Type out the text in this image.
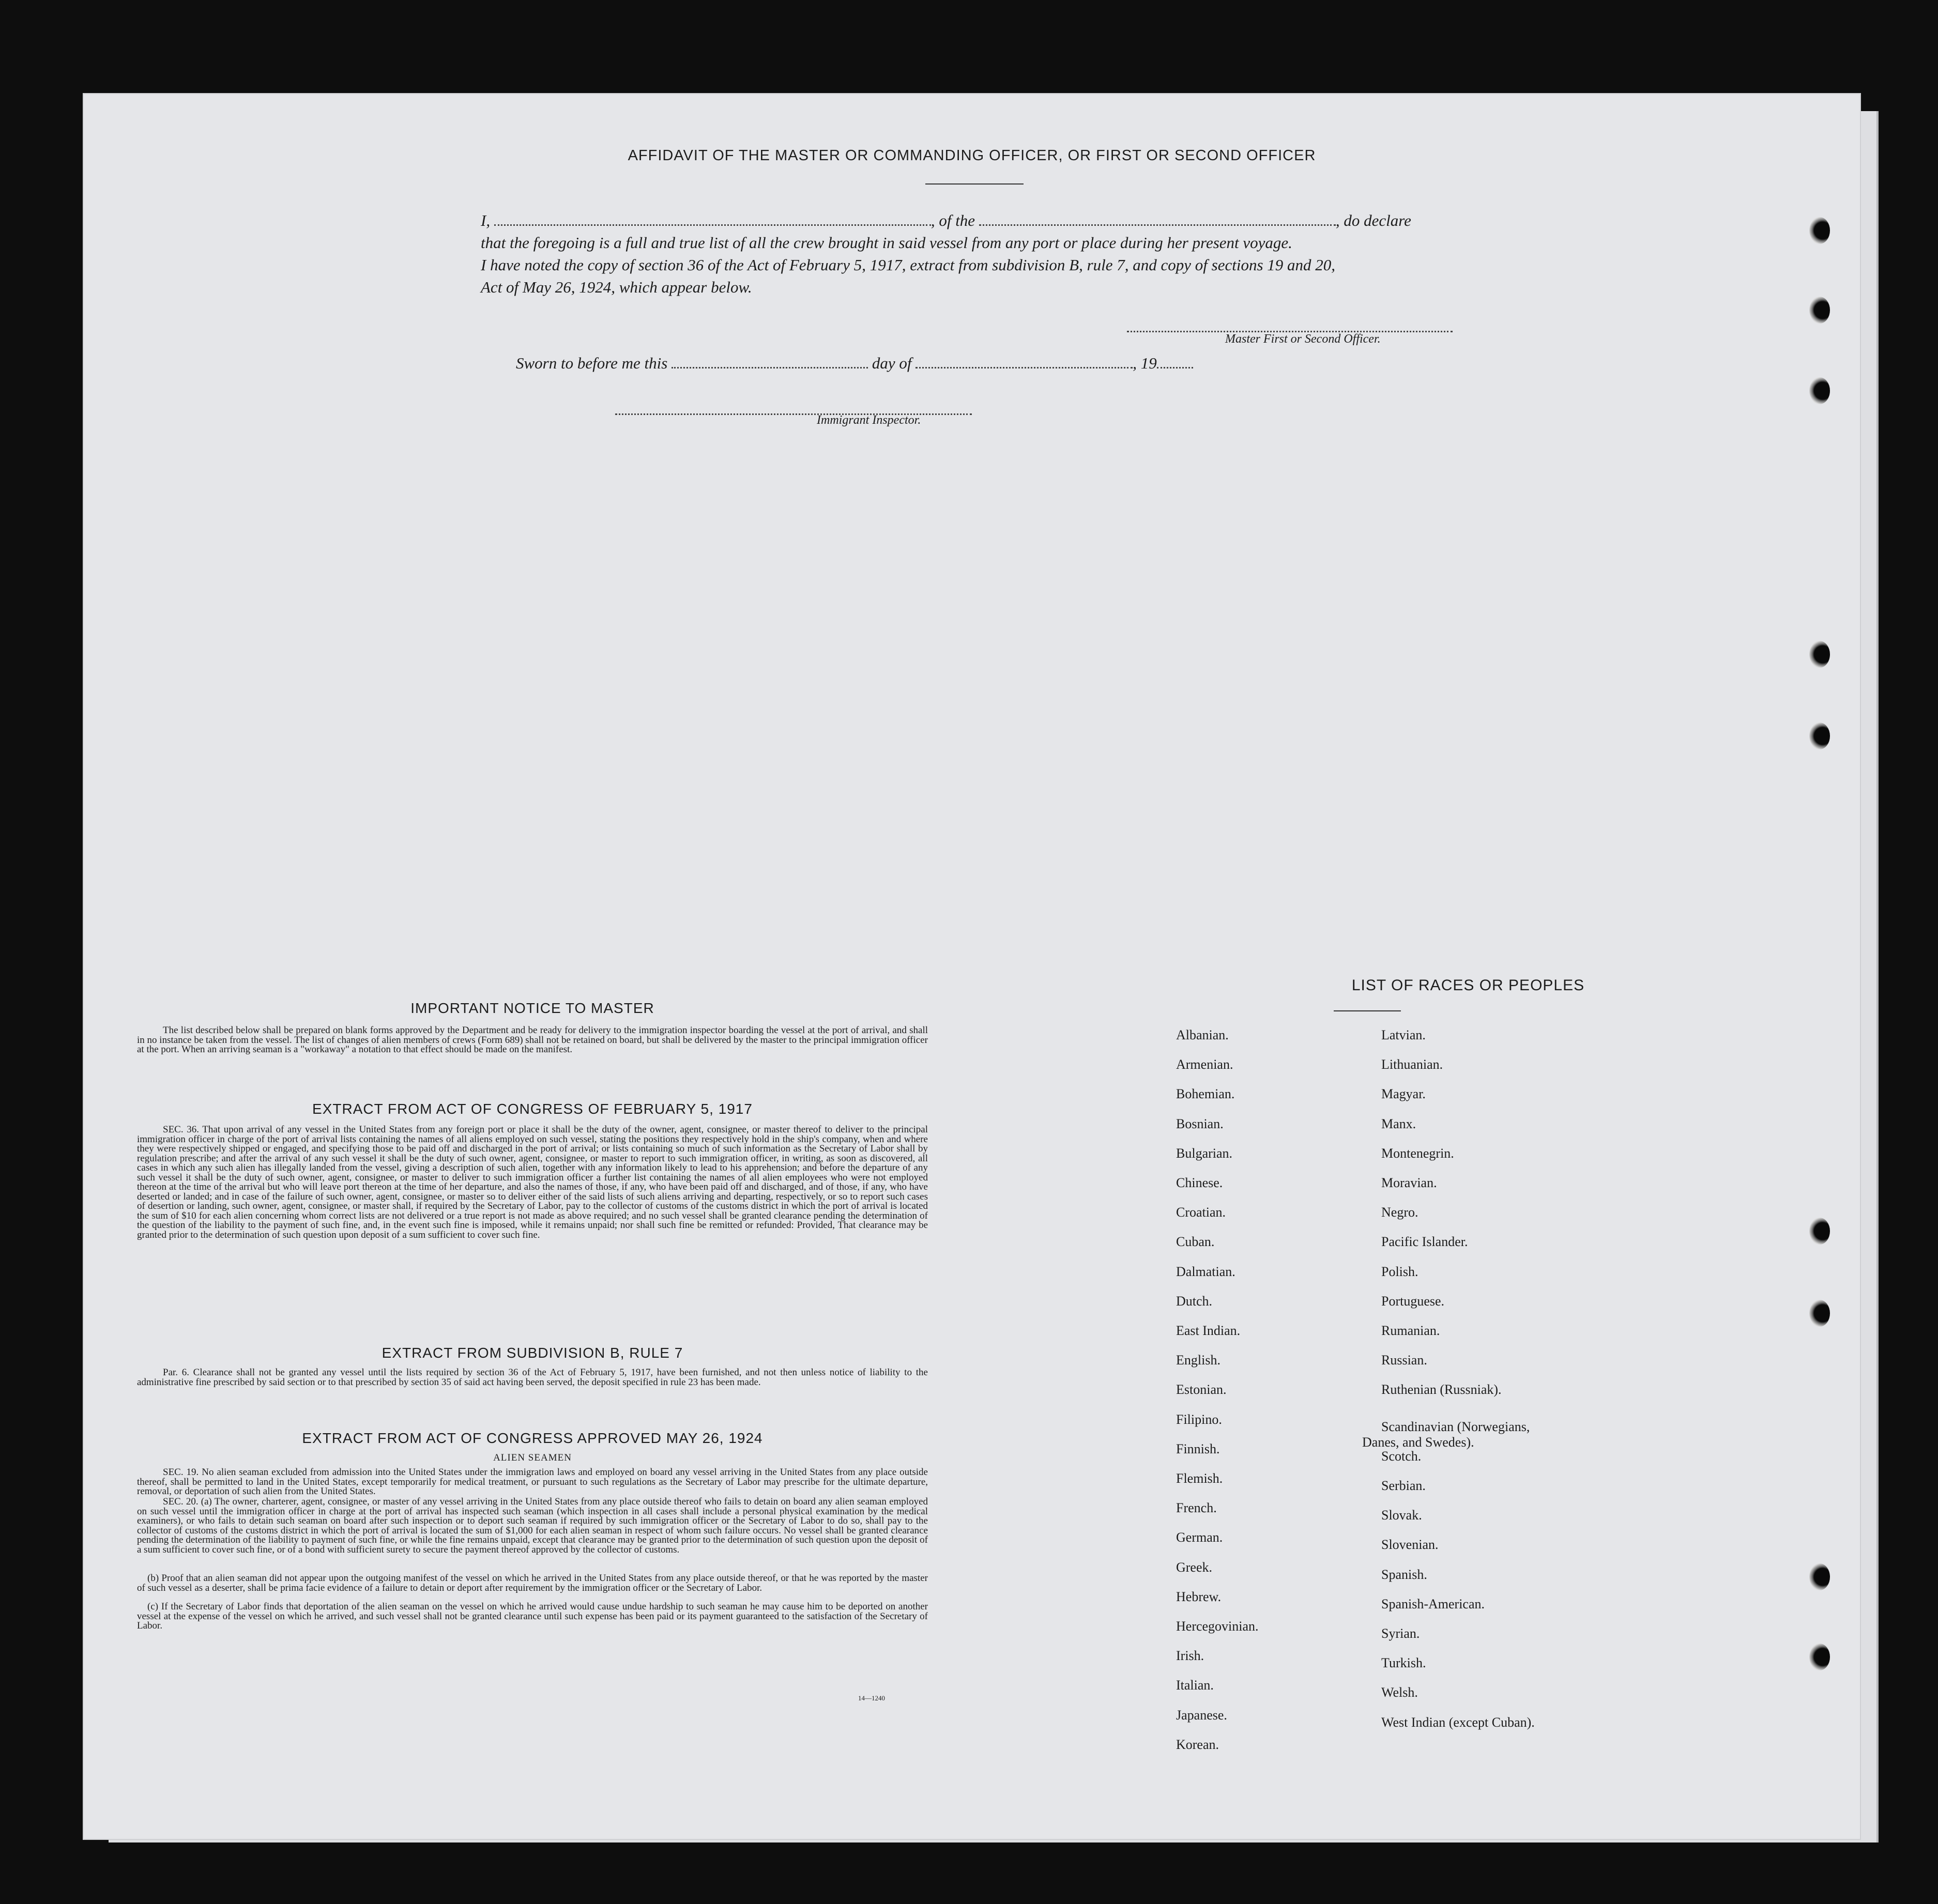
AFFIDAVIT OF THE MASTER OR COMMANDING OFFICER, OR FIRST OR SECOND OFFICER
I,	, of the	, do declare
that the foregoing is a full and true list of all the crew brought in said vessel from any port or place during her present voyage.
I have noted the copy of section 36 of the Act of February 5, 1917, extract from subdivision B, rule 7, and copy of sections 19 and 20,
Act of May 26, 1924, which appear below.
Master First or Second Officer.
Sworn to before me this	day of	, 19
Immigrant Inspector.
IMPORTANT NOTICE TO MASTER
The list described below shall be prepared on blank forms approved by the Department and be ready for delivery to the immigration inspector boarding the vessel at the port of arrival, and shall in no instance be taken from the vessel. The list of changes of alien members of crews (Form 689) shall not be retained on board, but shall be delivered by the master to the principal immigration officer at the port. When an arriving seaman is a "workaway" a notation to that effect should be made on the manifest.
EXTRACT FROM ACT OF CONGRESS OF FEBRUARY 5, 1917
SEC. 36. That upon arrival of any vessel in the United States from any foreign port or place it shall be the duty of the owner, agent, consignee, or master thereof to deliver to the principal immigration officer in charge of the port of arrival lists containing the names of all aliens employed on such vessel, stating the positions they respectively hold in the ship's company, when and where they were respectively shipped or engaged, and specifying those to be paid off and discharged in the port of arrival; or lists containing so much of such information as the Secretary of Labor shall by regulation prescribe; and after the arrival of any such vessel it shall be the duty of such owner, agent, consignee, or master to report to such immigration officer, in writing, as soon as discovered, all cases in which any such alien has illegally landed from the vessel, giving a description of such alien, together with any information likely to lead to his apprehension; and before the departure of any such vessel it shall be the duty of such owner, agent, consignee, or master to deliver to such immigration officer a further list containing the names of all alien employees who were not employed thereon at the time of the arrival but who will leave port thereon at the time of her departure, and also the names of those, if any, who have been paid off and discharged, and of those, if any, who have deserted or landed; and in case of the failure of such owner, agent, consignee, or master so to deliver either of the said lists of such aliens arriving and departing, respectively, or so to report such cases of desertion or landing, such owner, agent, consignee, or master shall, if required by the Secretary of Labor, pay to the collector of customs of the customs district in which the port of arrival is located the sum of $10 for each alien concerning whom correct lists are not delivered or a true report is not made as above required; and no such vessel shall be granted clearance pending the determination of the question of the liability to the payment of such fine, and, in the event such fine is imposed, while it remains unpaid; nor shall such fine be remitted or refunded: Provided, That clearance may be granted prior to the determination of such question upon deposit of a sum sufficient to cover such fine.
EXTRACT FROM SUBDIVISION B, RULE 7
Par. 6. Clearance shall not be granted any vessel until the lists required by section 36 of the Act of February 5, 1917, have been furnished, and not then unless notice of liability to the administrative fine prescribed by said section or to that prescribed by section 35 of said act having been served, the deposit specified in rule 23 has been made.
EXTRACT FROM ACT OF CONGRESS APPROVED MAY 26, 1924
ALIEN SEAMEN
SEC. 19. No alien seaman excluded from admission into the United States under the immigration laws and employed on board any vessel arriving in the United States from any place outside thereof, shall be permitted to land in the United States, except temporarily for medical treatment, or pursuant to such regulations as the Secretary of Labor may prescribe for the ultimate departure, removal, or deportation of such alien from the United States.
SEC. 20. (a) The owner, charterer, agent, consignee, or master of any vessel arriving in the United States from any place outside thereof who fails to detain on board any alien seaman employed on such vessel until the immigration officer in charge at the port of arrival has inspected such seaman (which inspection in all cases shall include a personal physical examination by the medical examiners), or who fails to detain such seaman on board after such inspection or to deport such seaman if required by such immigration officer or the Secretary of Labor to do so, shall pay to the collector of customs of the customs district in which the port of arrival is located the sum of $1,000 for each alien seaman in respect of whom such failure occurs. No vessel shall be granted clearance pending the determination of the liability to payment of such fine, or while the fine remains unpaid, except that clearance may be granted prior to the determination of such question upon the deposit of a sum sufficient to cover such fine, or of a bond with sufficient surety to secure the payment thereof approved by the collector of customs.
(b) Proof that an alien seaman did not appear upon the outgoing manifest of the vessel on which he arrived in the United States from any place outside thereof, or that he was reported by the master of such vessel as a deserter, shall be prima facie evidence of a failure to detain or deport after requirement by the immigration officer or the Secretary of Labor.
(c) If the Secretary of Labor finds that deportation of the alien seaman on the vessel on which he arrived would cause undue hardship to such seaman he may cause him to be deported on another vessel at the expense of the vessel on which he arrived, and such vessel shall not be granted clearance until such expense has been paid or its payment guaranteed to the satisfaction of the Secretary of Labor.
14—1240
LIST OF RACES OR PEOPLES
Albanian.
Armenian.
Bohemian.
Bosnian.
Bulgarian.
Chinese.
Croatian.
Cuban.
Dalmatian.
Dutch.
East Indian.
English.
Estonian.
Filipino.
Finnish.
Flemish.
French.
German.
Greek.
Hebrew.
Hercegovinian.
Irish.
Italian.
Japanese.
Korean.
Latvian.
Lithuanian.
Magyar.
Manx.
Montenegrin.
Moravian.
Negro.
Pacific Islander.
Polish.
Portuguese.
Rumanian.
Russian.
Ruthenian (Russniak).
Scandinavian (Norwegians,
Danes, and Swedes).
Scotch.
Serbian.
Slovak.
Slovenian.
Spanish.
Spanish-American.
Syrian.
Turkish.
Welsh.
West Indian (except Cuban).
